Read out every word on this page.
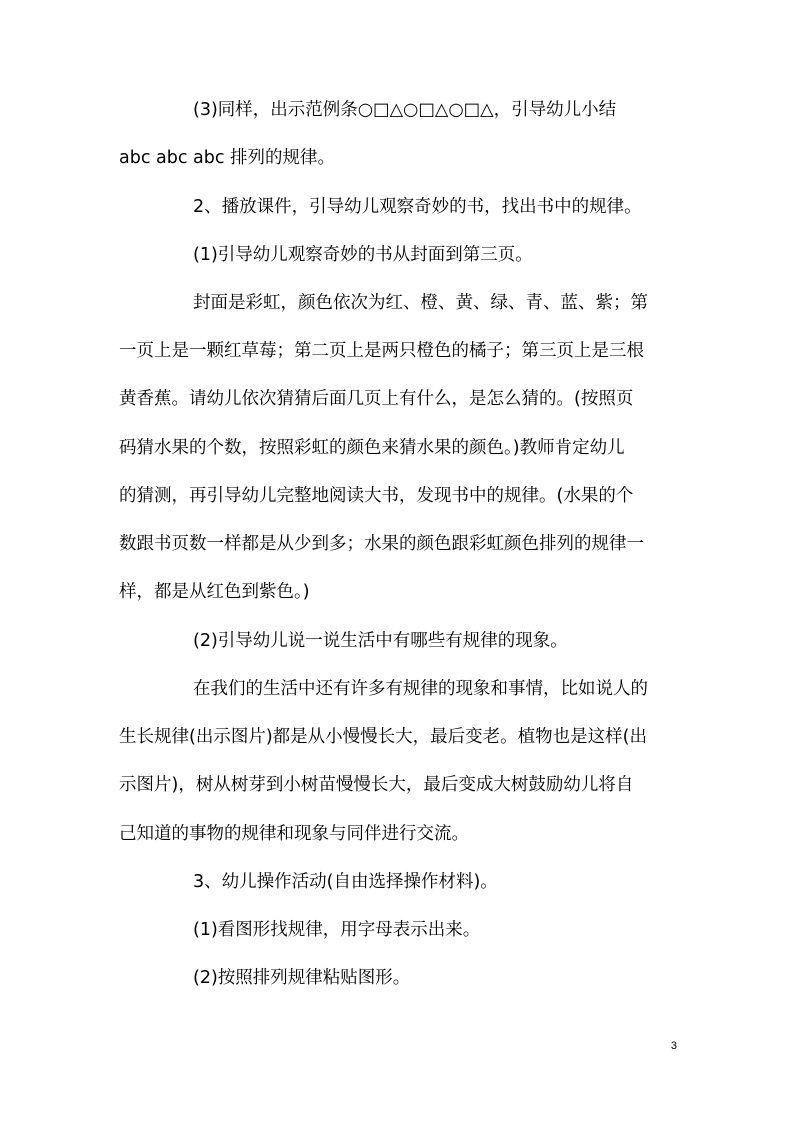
(3)同样，出示范例条○□△○□△○□△，引导幼儿小结
abc abc abc 排列的规律。
2、播放课件，引导幼儿观察奇妙的书，找出书中的规律。
(1)引导幼儿观察奇妙的书从封面到第三页。
封面是彩虹，颜色依次为红、橙、黄、绿、青、蓝、紫；第
一页上是一颗红草莓；第二页上是两只橙色的橘子；第三页上是三根
黄香蕉。请幼儿依次猜猜后面几页上有什么，是怎么猜的。(按照页
码猜水果的个数，按照彩虹的颜色来猜水果的颜色。)教师肯定幼儿
的猜测，再引导幼儿完整地阅读大书，发现书中的规律。(水果的个
数跟书页数一样都是从少到多；水果的颜色跟彩虹颜色排列的规律一
样，都是从红色到紫色。)
(2)引导幼儿说一说生活中有哪些有规律的现象。
在我们的生活中还有许多有规律的现象和事情，比如说人的
生长规律(出示图片)都是从小慢慢长大，最后变老。植物也是这样(出
示图片)，树从树芽到小树苗慢慢长大，最后变成大树鼓励幼儿将自
己知道的事物的规律和现象与同伴进行交流。
3、幼儿操作活动(自由选择操作材料)。
(1)看图形找规律，用字母表示出来。
(2)按照排列规律粘贴图形。
3
